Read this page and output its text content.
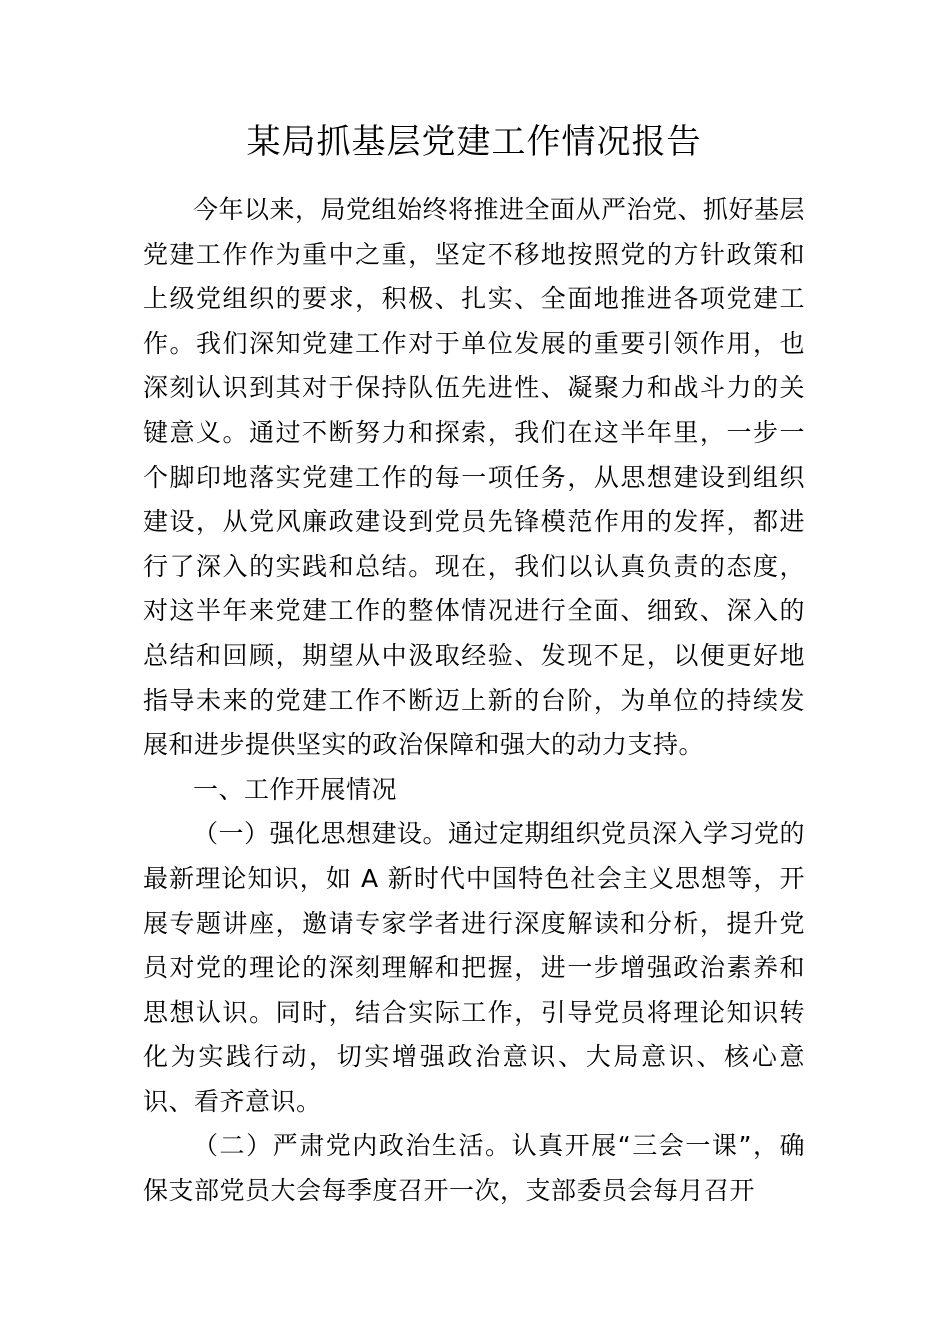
某局抓基层党建工作情况报告

今年以来，局党组始终将推进全面从严治党、抓好基层党建工作作为重中之重，坚定不移地按照党的方针政策和上级党组织的要求，积极、扎实、全面地推进各项党建工作。我们深知党建工作对于单位发展的重要引领作用，也深刻认识到其对于保持队伍先进性、凝聚力和战斗力的关键意义。通过不断努力和探索，我们在这半年里，一步一个脚印地落实党建工作的每一项任务，从思想建设到组织建设，从党风廉政建设到党员先锋模范作用的发挥，都进行了深入的实践和总结。现在，我们以认真负责的态度，对这半年来党建工作的整体情况进行全面、细致、深入的总结和回顾，期望从中汲取经验、发现不足，以便更好地指导未来的党建工作不断迈上新的台阶，为单位的持续发展和进步提供坚实的政治保障和强大的动力支持。

一、工作开展情况

（一）强化思想建设。通过定期组织党员深入学习党的最新理论知识，如 A 新时代中国特色社会主义思想等，开展专题讲座，邀请专家学者进行深度解读和分析，提升党员对党的理论的深刻理解和把握，进一步增强政治素养和思想认识。同时，结合实际工作，引导党员将理论知识转化为实践行动，切实增强政治意识、大局意识、核心意识、看齐意识。

（二）严肃党内政治生活。认真开展“三会一课”，确保支部党员大会每季度召开一次，支部委员会每月召开
